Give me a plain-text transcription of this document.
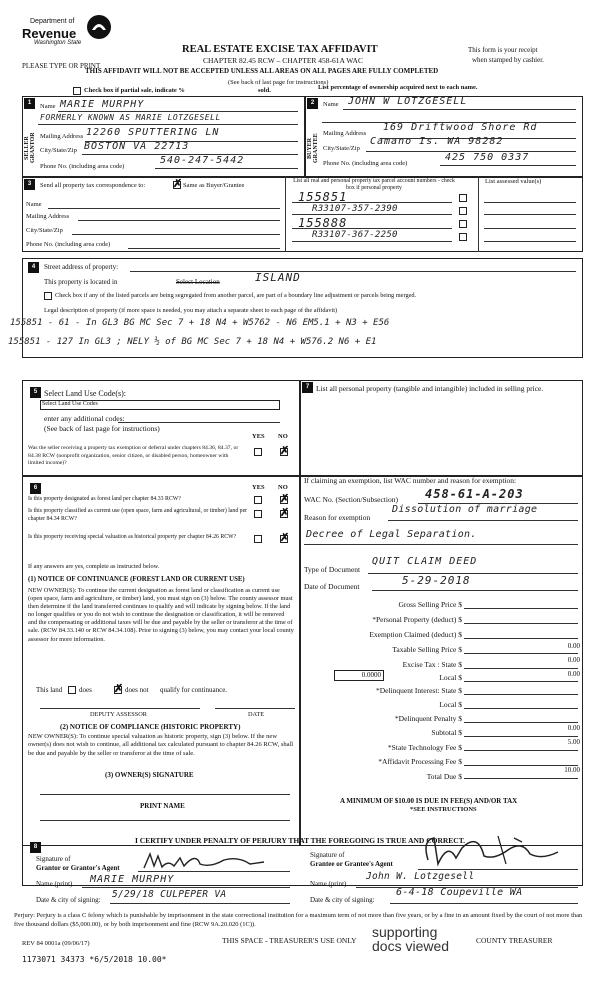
Department of
Revenue
Washington State
PLEASE TYPE OR PRINT
REAL ESTATE EXCISE TAX AFFIDAVIT
CHAPTER 82.45 RCW – CHAPTER 458-61A WAC
THIS AFFIDAVIT WILL NOT BE ACCEPTED UNLESS ALL AREAS ON ALL PAGES ARE FULLY COMPLETED
(See back of last page for instructions)
This form is your receipt
when stamped by cashier.
Check box if partial sale, indicate %	sold.	List percentage of ownership acquired next to each name.
1	2
SELLER GRANTOR	BUYER GRANTEE
Name MARIE MURPHY
FORMERLY KNOWN AS MARIE LOTZGESELL
Mailing Address 12260 SPUTTERING LN
City/State/Zip BOSTON VA 22713
Phone No. (including area code)
540-247-5442
Name JOHN W LOTZGESELL
Mailing Address
169 Driftwood Shore Rd
City/State/Zip
Camano Is. WA 98282
Phone No. (including area code)
425 750 0337
3	Send all property tax correspondence to: ✗	Same as Buyer/Grantee
List all real and personal property tax parcel account numbers - check box if personal property
List assessed value(s)
Name
Mailing Address
City/State/Zip
Phone No. (including area code)
155851
R33107-357-2390
155888
R33107-367-2250
4	Street address of property:
This property is located in	Select Location	ISLAND
Check box if any of the listed parcels are being segregated from another parcel, are part of a boundary line adjustment or parcels being merged.
Legal description of property (if more space is needed, you may attach a separate sheet to each page of the affidavit)
155851 - 61 - In GL3 BG MC Sec 7 + 18 N4 + W5762 - N6 EM5.1 + N3 + E56
155851 - 127 In GL3 ; NELY ½ of BG MC Sec 7 + 18 N4 + W576.2 N6 + E1
5
7
Select Land Use Code(s):
Select Land Use Codes
enter any additional codes:
(See back of last page for instructions)
YES NO
Was the seller receiving a property tax exemption or deferral under chapters 84.36, 84.37, or 84.38 RCW (nonprofit organization, senior citizen, or disabled person, homeowner with limited income)?
✗
List all personal property (tangible and intangible) included in selling price.
6	YES NO
Is this property designated as forest land per chapter 84.33 RCW?
✗
Is this property classified as current use (open space, farm and agricultural, or timber) land per chapter 84.34 RCW?
✗
Is this property receiving special valuation as historical property per chapter 84.26 RCW?
✗
If any answers are yes, complete as instructed below.
(1) NOTICE OF CONTINUANCE (FOREST LAND OR CURRENT USE)
NEW OWNER(S): To continue the current designation as forest land or classification as current use (open space, farm and agriculture, or timber) land, you must sign on (3) below. The county assessor must then determine if the land transferred continues to qualify and will indicate by signing below. If the land no longer qualifies or you do not wish to continue the designation or classification, it will be removed and the compensating or additional taxes will be due and payable by the seller or transferor at the time of sale. (RCW 84.33.140 or RCW 84.34.108). Prior to signing (3) below, you may contact your local county assessor for more information.
This land does ✗	does not qualify for continuance.
DEPUTY ASSESSOR	DATE
(2) NOTICE OF COMPLIANCE (HISTORIC PROPERTY)
NEW OWNER(S): To continue special valuation as historic property, sign (3) below. If the new owner(s) does not wish to continue, all additional tax calculated pursuant to chapter 84.26 RCW, shall be due and payable by the seller or transferor at the time of sale.
(3) OWNER(S) SIGNATURE
PRINT NAME
If claiming an exemption, list WAC number and reason for exemption:
WAC No. (Section/Subsection) 458-61-A-203
Reason for exemption
Dissolution of marriage
Decree of Legal Separation.
Type of Document
QUIT CLAIM DEED
Date of Document	5-29-2018
Gross Selling Price $
*Personal Property (deduct) $
Exemption Claimed (deduct) $
Taxable Selling Price $	0.00
Excise Tax : State $	0.00
0.0000	Local $	0.00
*Delinquent Interest: State $
Local $
*Delinquent Penalty $
Subtotal $	0.00
*State Technology Fee $
5.00
*Affidavit Processing Fee $
Total Due $
10.00
A MINIMUM OF $10.00 IS DUE IN FEE(S) AND/OR TAX
*SEE INSTRUCTIONS
8
I CERTIFY UNDER PENALTY OF PERJURY THAT THE FOREGOING IS TRUE AND CORRECT.
Signature of
Grantor or Grantor's Agent
Name (print) MARIE MURPHY
Date & city of signing: 5/29/18 CULPEPER VA
Signature of
Grantee or Grantee's Agent
Name (print)
John W. Lotzgesell
Date & city of signing:
6-4-18 Coupeville WA
Perjury: Perjury is a class C felony which is punishable by imprisonment in the state correctional institution for a maximum term of not more than five years, or by a fine in an amount fixed by the court of not more than five thousand dollars ($5,000.00), or by both imprisonment and fine (RCW 9A.20.020 (1C)).
REV 84 0001a (09/06/17)	THIS SPACE - TREASURER'S USE ONLY	COUNTY TREASURER
supporting
docs viewed
1173071 34373 *6/5/2018 10.00*
